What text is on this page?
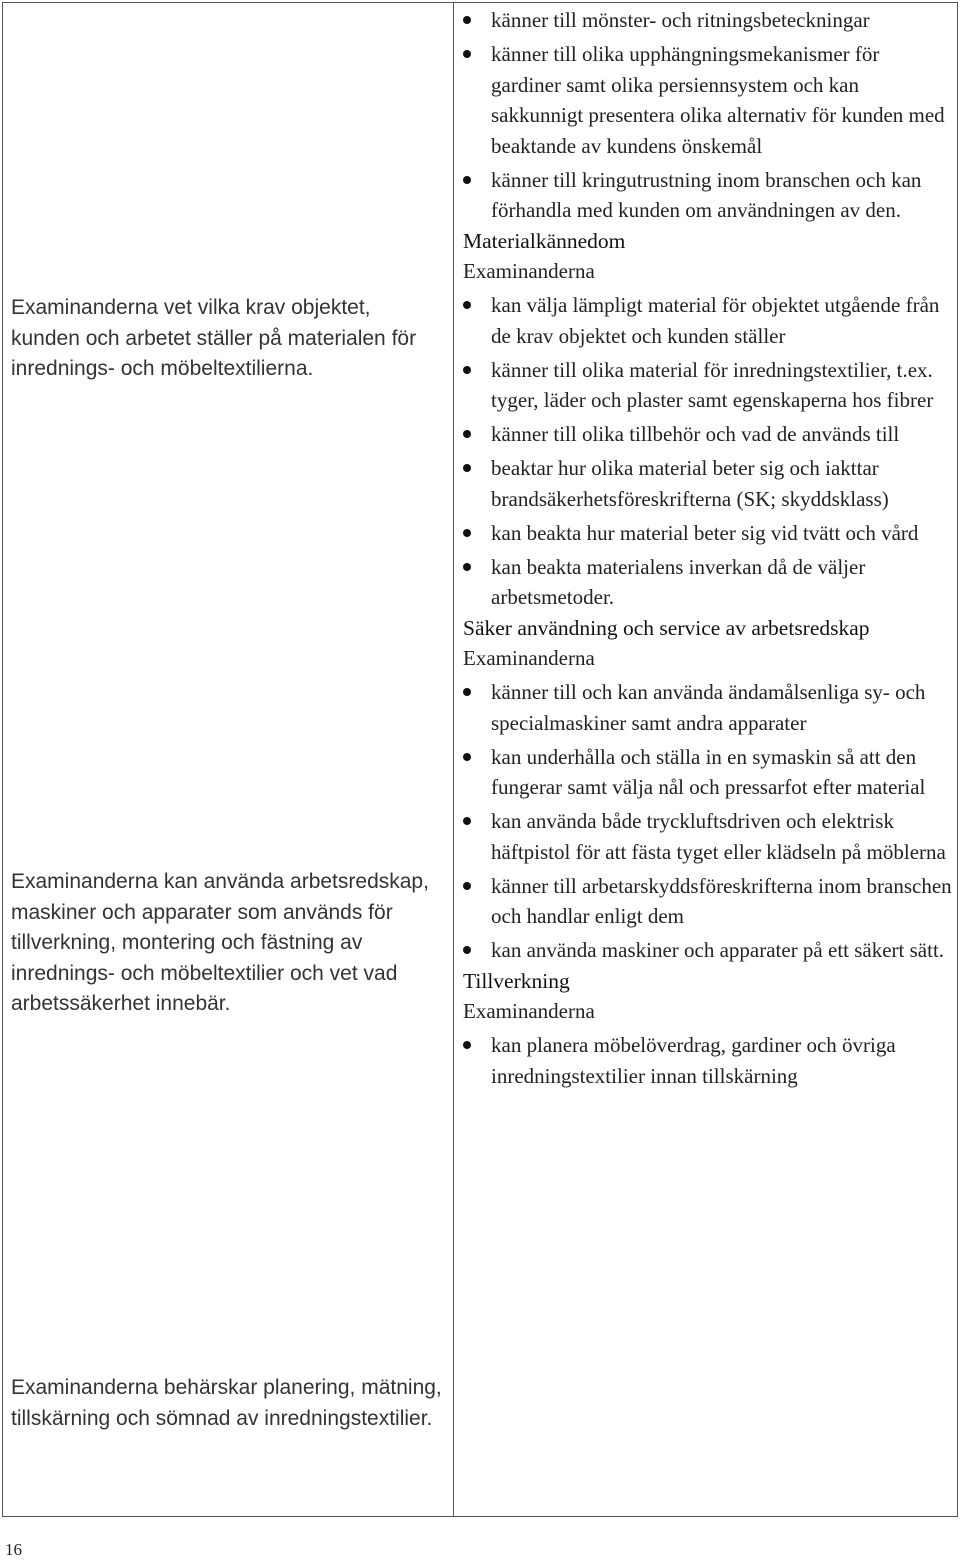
Examinanderna vet vilka krav objektet, kunden och arbetet ställer på materialen för inrednings- och möbeltextilierna.

Examinanderna kan använda arbetsredskap, maskiner och apparater som används för tillverkning, montering och fästning av inrednings- och möbeltextilier och vet vad arbetssäkerhet innebär.

Examinanderna behärskar planering, mätning, tillskärning och sömnad av inredningstextilier.

känner till mönster- och ritningsbeteckningar
känner till olika upphängningsmekanismer för gardiner samt olika persiennsystem och kan sakkunnigt presentera olika alternativ för kunden med beaktande av kundens önskemål
känner till kringutrustning inom branschen och kan förhandla med kunden om användningen av den.

Materialkännedom

Examinanderna

kan välja lämpligt material för objektet utgående från de krav objektet och kunden ställer
känner till olika material för inredningstextilier, t.ex. tyger, läder och plaster samt egenskaperna hos fibrer
känner till olika tillbehör och vad de används till
beaktar hur olika material beter sig och iakttar brandsäkerhetsföreskrifterna (SK; skyddsklass)
kan beakta hur material beter sig vid tvätt och vård
kan beakta materialens inverkan då de väljer arbetsmetoder.

Säker användning och service av arbetsredskap

Examinanderna

känner till och kan använda ändamålsenliga sy- och specialmaskiner samt andra apparater
kan underhålla och ställa in en symaskin så att den fungerar samt välja nål och pressarfot efter material
kan använda både tryckluftsdriven och elektrisk häftpistol för att fästa tyget eller klädseln på möblerna
känner till arbetarskyddsföreskrifterna inom branschen och handlar enligt dem
kan använda maskiner och apparater på ett säkert sätt.

Tillverkning

Examinanderna

kan planera möbelöverdrag, gardiner och övriga inredningstextilier innan tillskärning
16
